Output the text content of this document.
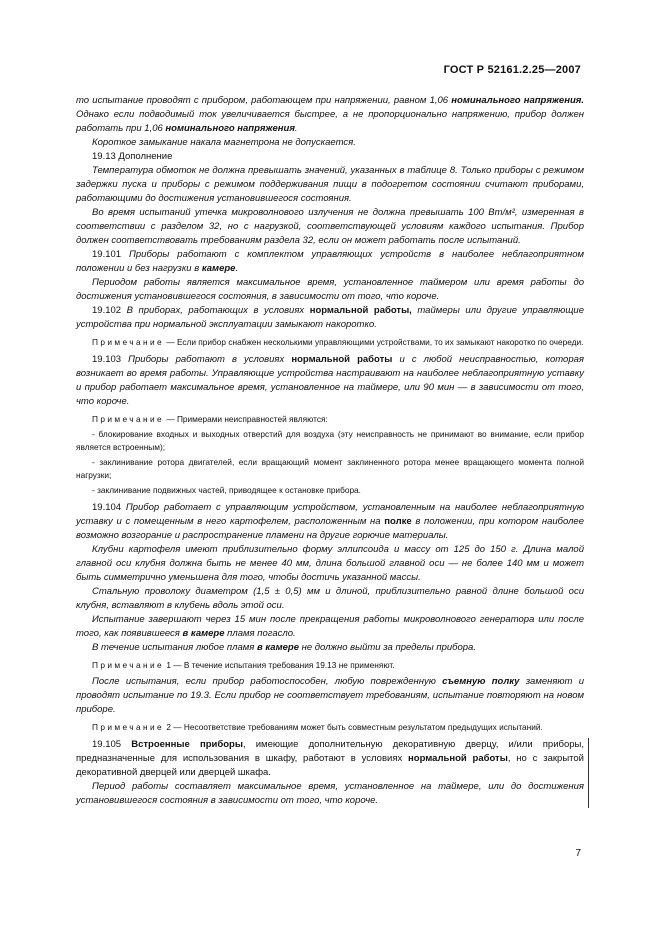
ГОСТ Р 52161.2.25—2007

то испытание проводят с прибором, работающем при напряжении, равном 1,06 номинального напряжения. Однако если подводимый ток увеличивается быстрее, а не пропорционально напряжению, прибор должен работать при 1,06 номинального напряжения.

Короткое замыкание накала магнетрона не допускается.

19.13 Дополнение

Температура обмоток не должна превышать значений, указанных в таблице 8. Только приборы с режимом задержки пуска и приборы с режимом поддерживания пищи в подогретом состоянии считают приборами, работающими до достижения установившегося состояния.

Во время испытаний утечка микроволнового излучения не должна превышать 100 Вт/м², измеренная в соответствии с разделом 32, но с нагрузкой, соответствующей условиям каждого испытания. Прибор должен соответствовать требованиям раздела 32, если он может работать после испытаний.

19.101 Приборы работают с комплектом управляющих устройств в наиболее неблагоприятном положении и без нагрузки в камере.

Периодом работы является максимальное время, установленное таймером или время работы до достижения установившегося состояния, в зависимости от того, что короче.

19.102 В приборах, работающих в условиях нормальной работы, таймеры или другие управляющие устройства при нормальной эксплуатации замыкают накоротко.

Примечание — Если прибор снабжен несколькими управляющими устройствами, то их замыкают накоротко по очереди.

19.103 Приборы работают в условиях нормальной работы и с любой неисправностью, которая возникает во время работы. Управляющие устройства настраивают на наиболее неблагоприятную уставку и прибор работает максимальное время, установленное на таймере, или 90 мин — в зависимости от того, что короче.

Примечание — Примерами неисправностей являются:

- блокирование входных и выходных отверстий для воздуха (эту неисправность не принимают во внимание, если прибор является встроенным);

- заклинивание ротора двигателей, если вращающий момент заклиненного ротора менее вращающего момента полной нагрузки;

- заклинивание подвижных частей, приводящее к остановке прибора.

19.104 Прибор работает с управляющим устройством, установленным на наиболее неблагоприятную уставку и с помещенным в него картофелем, расположенным на полке в положении, при котором наиболее возможно возгорание и распространение пламени на другие горючие материалы.

Клубни картофеля имеют приблизительно форму эллипсоида и массу от 125 до 150 г. Длина малой главной оси клубня должна быть не менее 40 мм, длина большой главной оси — не более 140 мм и может быть симметрично уменьшена для того, чтобы достичь указанной массы.

Стальную проволоку диаметром (1,5 ± 0,5) мм и длиной, приблизительно равной длине большой оси клубня, вставляют в клубень вдоль этой оси.

Испытание завершают через 15 мин после прекращения работы микроволнового генератора или после того, как появившееся в камере пламя погасло.

В течение испытания любое пламя в камере не должно выйти за пределы прибора.

Примечание 1 — В течение испытания требования 19.13 не применяют.

После испытания, если прибор работоспособен, любую поврежденную съемную полку заменяют и проводят испытание по 19.3. Если прибор не соответствует требованиям, испытание повторяют на новом приборе.

Примечание 2 — Несоответствие требованиям может быть совместным результатом предыдущих испытаний.

19.105 Встроенные приборы, имеющие дополнительную декоративную дверцу, и/или приборы, предназначенные для использования в шкафу, работают в условиях нормальной работы, но с закрытой декоративной дверцей или дверцей шкафа.

Период работы составляет максимальное время, установленное на таймере, или до достижения установившегося состояния в зависимости от того, что короче.

7
